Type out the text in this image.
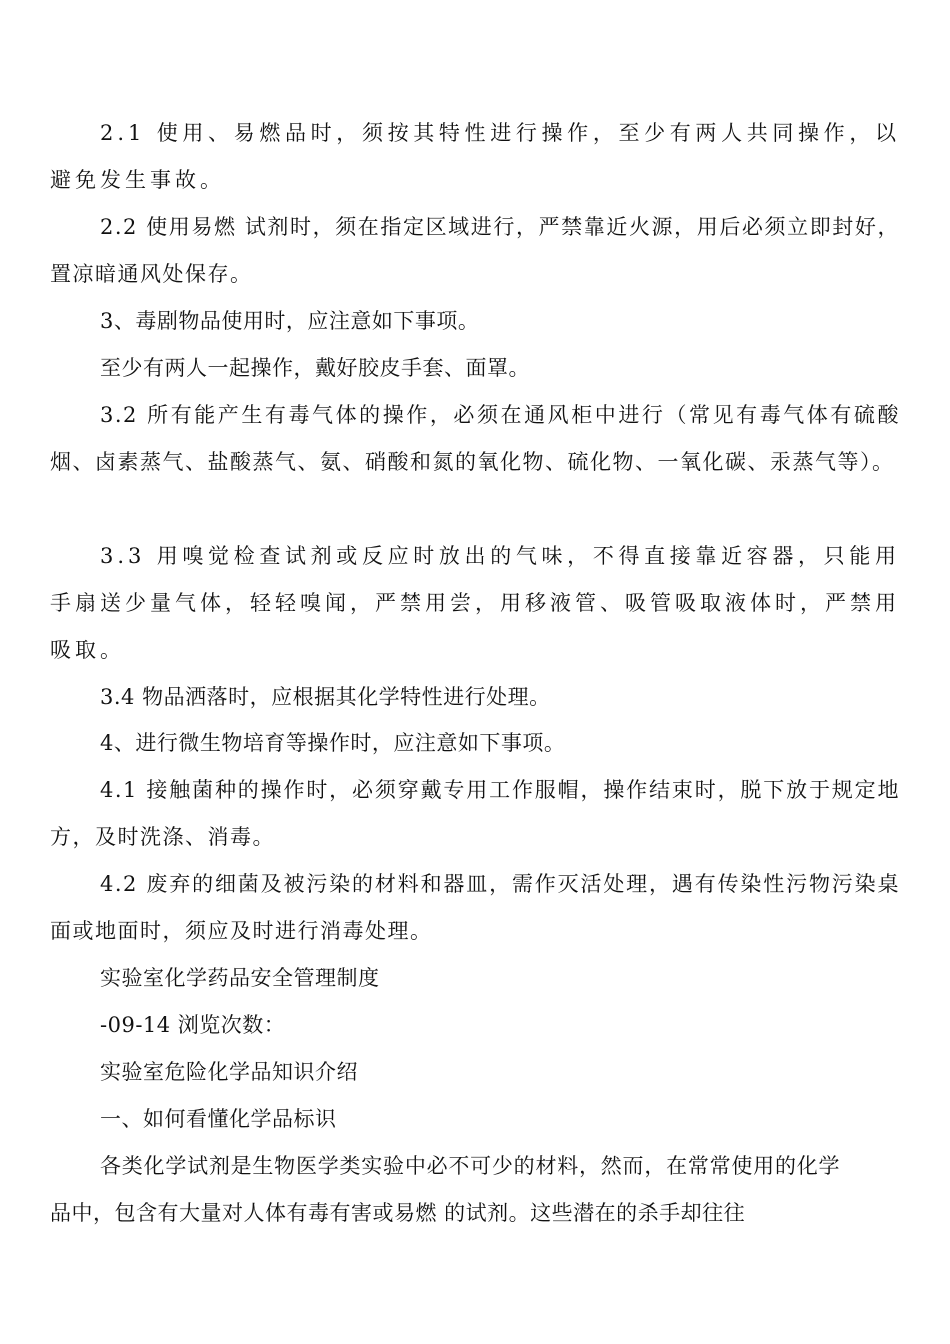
2.1 使用、易燃品时，须按其特性进行操作，至少有两人共同操作，以避免发生事故。

2.2 使用易燃 试剂时，须在指定区域进行，严禁靠近火源，用后必须立即封好，置凉暗通风处保存。

3、毒剧物品使用时，应注意如下事项。

至少有两人一起操作，戴好胶皮手套、面罩。

3.2 所有能产生有毒气体的操作，必须在通风柜中进行（常见有毒气体有硫酸烟、卤素蒸气、盐酸蒸气、氨、硝酸和氮的氧化物、硫化物、一氧化碳、汞蒸气等）。

3.3 用嗅觉检查试剂或反应时放出的气味，不得直接靠近容器，只能用手扇送少量气体，轻轻嗅闻，严禁用尝，用移液管、吸管吸取液体时，严禁用吸取。

3.4 物品洒落时，应根据其化学特性进行处理。

4、进行微生物培育等操作时，应注意如下事项。

4.1 接触菌种的操作时，必须穿戴专用工作服帽，操作结束时，脱下放于规定地方，及时洗涤、消毒。

4.2 废弃的细菌及被污染的材料和器皿，需作灭活处理，遇有传染性污物污染桌面或地面时，须应及时进行消毒处理。

实验室化学药品安全管理制度

-09-14 浏览次数：

实验室危险化学品知识介绍

一、如何看懂化学品标识

各类化学试剂是生物医学类实验中必不可少的材料，然而，在常常使用的化学品中，包含有大量对人体有毒有害或易燃 的试剂。这些潜在的杀手却往往
